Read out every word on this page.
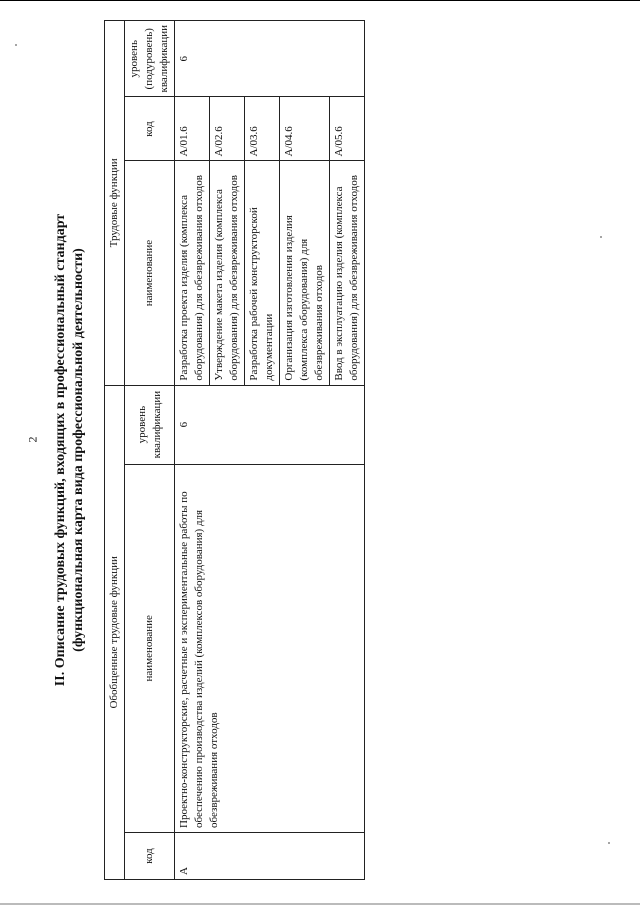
2 II. Описание трудовых функций, входящих в профессиональный стандарт (функциональная карта вида профессиональной деятельности) Обобщенные трудовые функции			Трудовые функции		
код	наименование	уровень квалификации	наименование	код	уровень (подуровень) квалификации
А	Проектно-конструкторские, расчетные и экспериментальные работы по обеспечению производства изделий (комплексов оборудования) для обезвреживания отходов	6	Разработка проекта изделия (комплекса оборудования) для обезвреживания отходов	А/01.6	6
			Утверждение макета изделия (комплекса оборудования) для обезвреживания отходов	А/02.6	
			Разработка рабочей конструкторской документации	А/03.6	
			Организация изготовления изделия (комплекса оборудования) для обезвреживания отходов	А/04.6	
			Ввод в эксплуатацию изделия (комплекса оборудования) для обезвреживания отходов	А/05.6	
